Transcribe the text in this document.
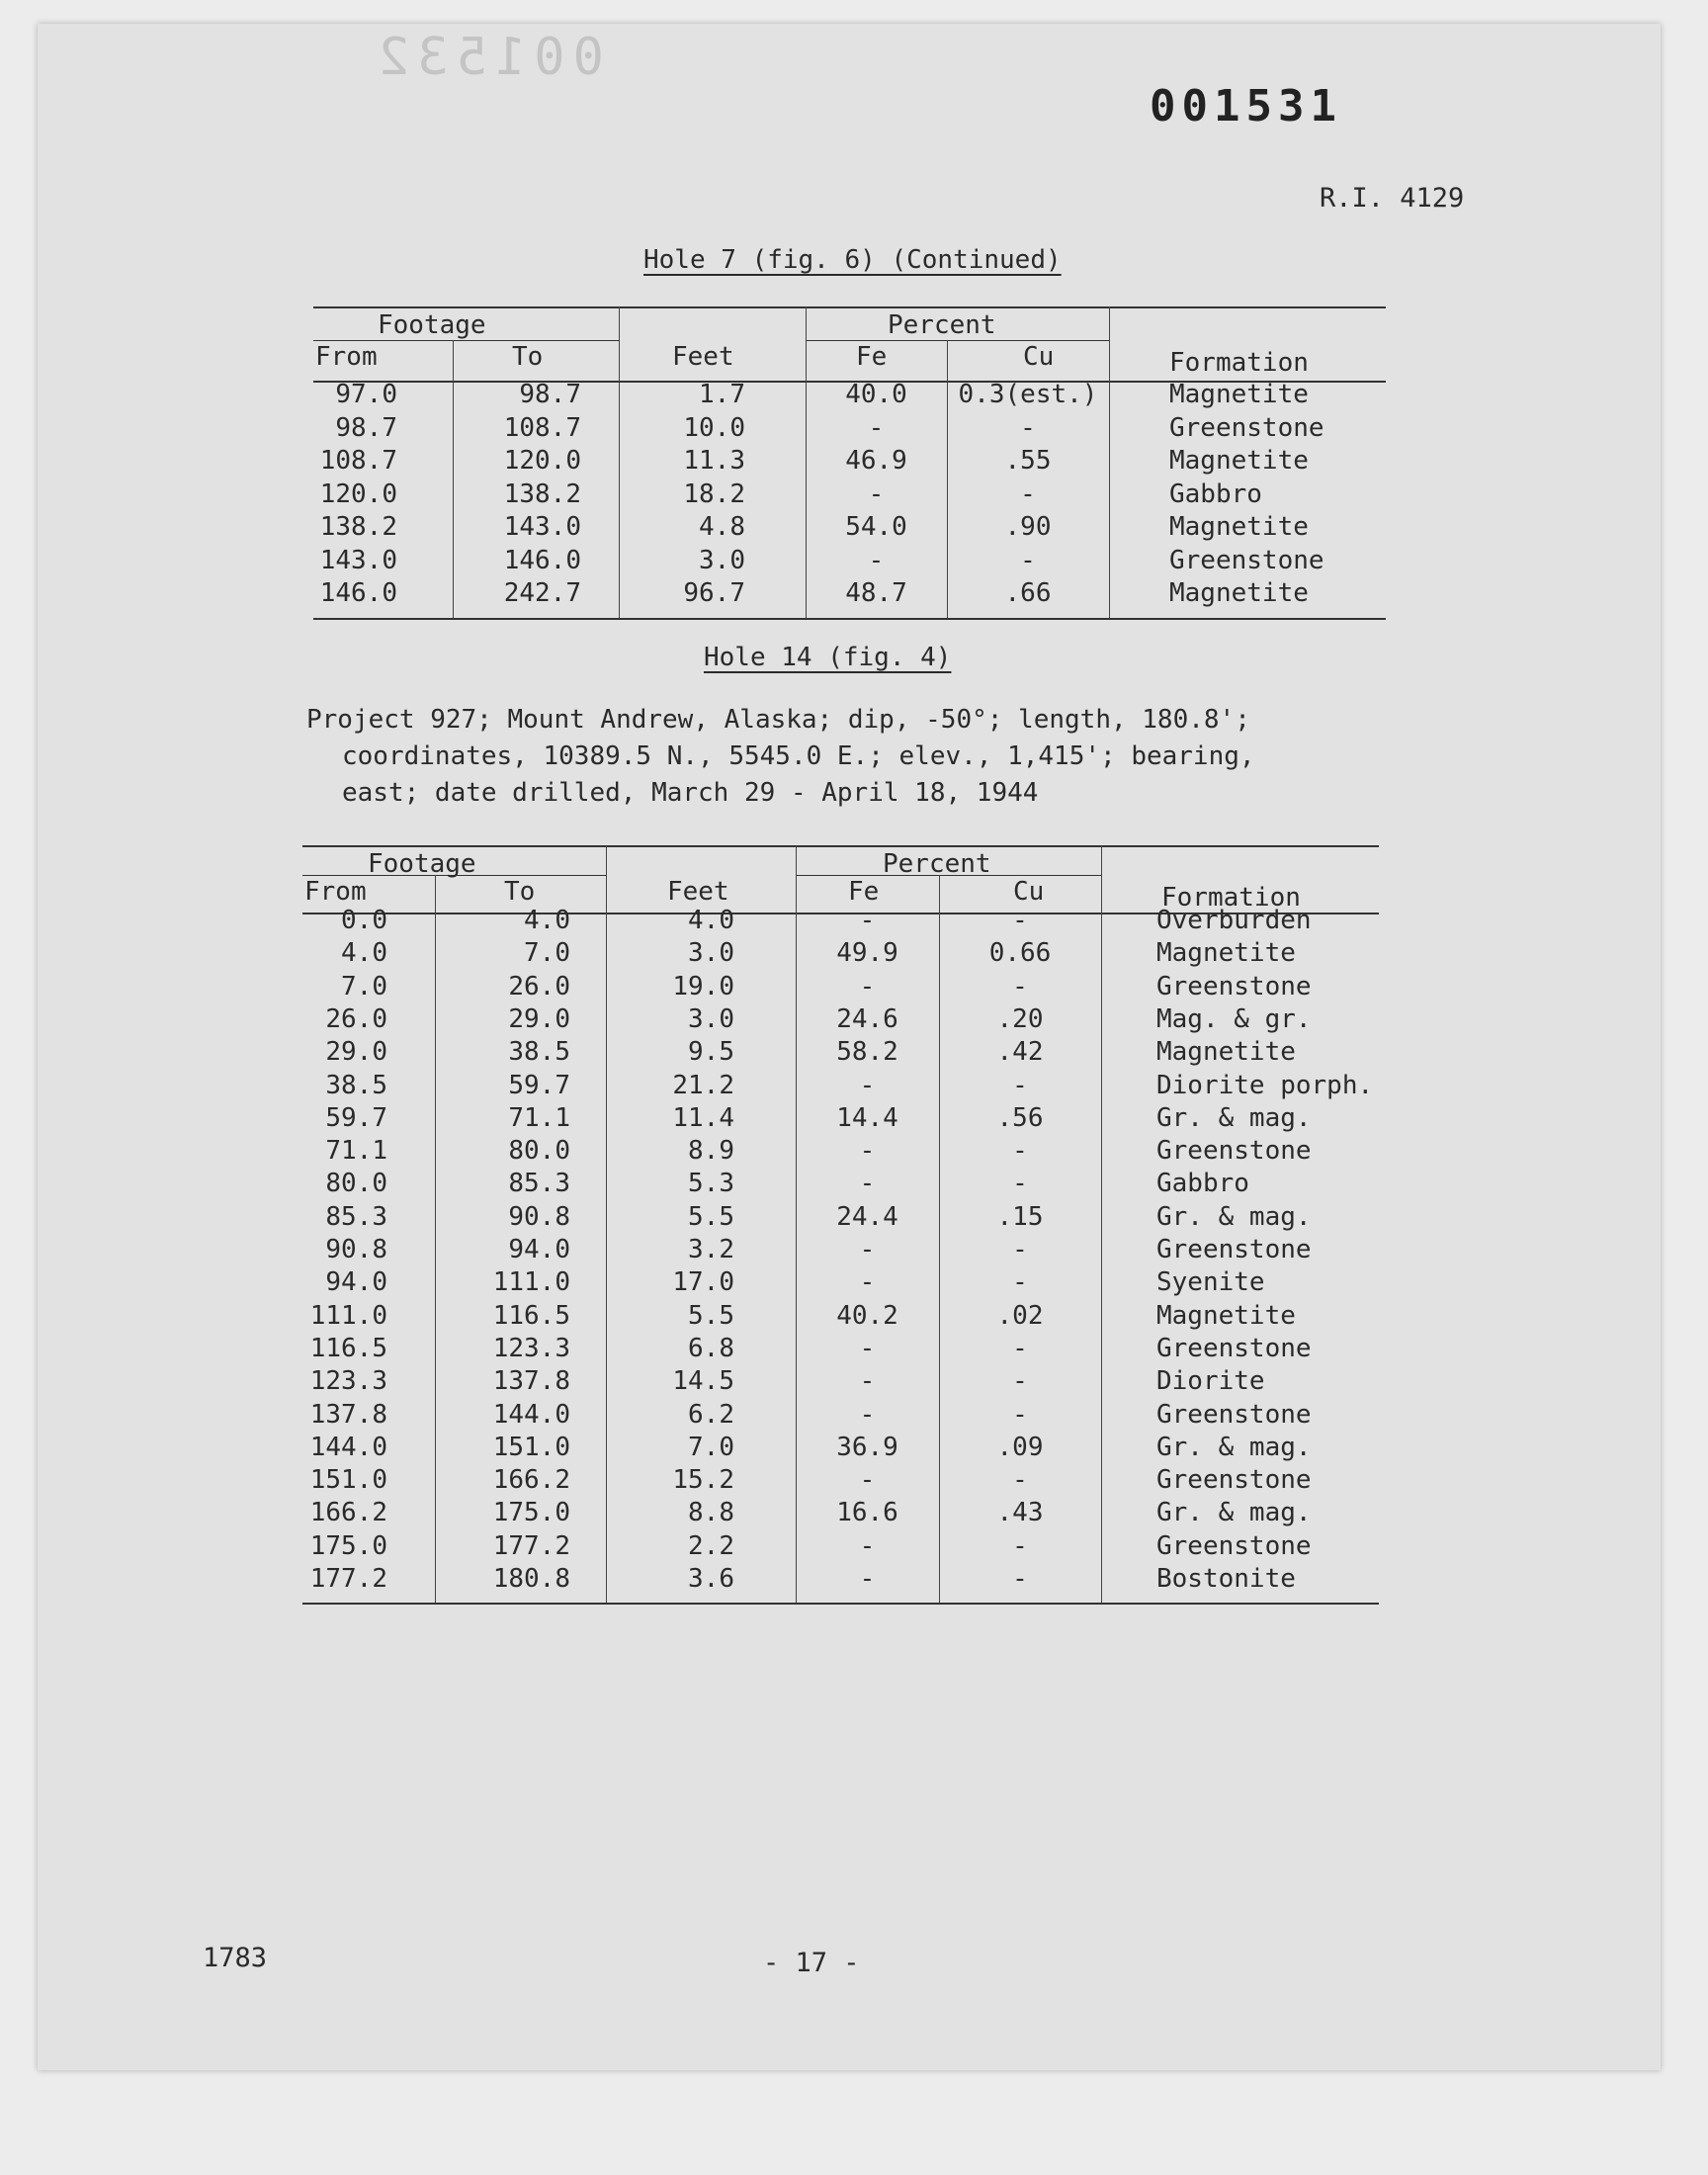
001532
001531
R.I. 4129
Hole 7 (fig. 6) (Continued)
Footage	Percent
From	To	Feet	Fe	Cu	Formation
97.0	98.7	1.7	40.0	0.3(est.)	Magnetite
98.7	108.7	10.0	-	-	Greenstone
108.7	120.0	11.3	46.9	.55	Magnetite
120.0	138.2	18.2	-	-	Gabbro
138.2	143.0	4.8	54.0	.90	Magnetite
143.0	146.0	3.0	-	-	Greenstone
146.0	242.7	96.7	48.7	.66	Magnetite
Hole 14 (fig. 4)
Project 927; Mount Andrew, Alaska; dip, -50°; length, 180.8';
coordinates, 10389.5 N., 5545.0 E.; elev., 1,415'; bearing,
east; date drilled, March 29 - April 18, 1944
Footage	Percent
From	To	Feet	Fe	Cu	Formation
0.0	4.0	4.0	-	-	Overburden
4.0	7.0	3.0	49.9	0.66	Magnetite
7.0	26.0	19.0	-	-	Greenstone
26.0	29.0	3.0	24.6	.20	Mag. & gr.
29.0	38.5	9.5	58.2	.42	Magnetite
38.5	59.7	21.2	-	-	Diorite porph.
59.7	71.1	11.4	14.4	.56	Gr. & mag.
71.1	80.0	8.9	-	-	Greenstone
80.0	85.3	5.3	-	-	Gabbro
85.3	90.8	5.5	24.4	.15	Gr. & mag.
90.8	94.0	3.2	-	-	Greenstone
94.0	111.0	17.0	-	-	Syenite
111.0	116.5	5.5	40.2	.02	Magnetite
116.5	123.3	6.8	-	-	Greenstone
123.3	137.8	14.5	-	-	Diorite
137.8	144.0	6.2	-	-	Greenstone
144.0	151.0	7.0	36.9	.09	Gr. & mag.
151.0	166.2	15.2	-	-	Greenstone
166.2	175.0	8.8	16.6	.43	Gr. & mag.
175.0	177.2	2.2	-	-	Greenstone
177.2	180.8	3.6	-	-	Bostonite
1783	- 17 -
